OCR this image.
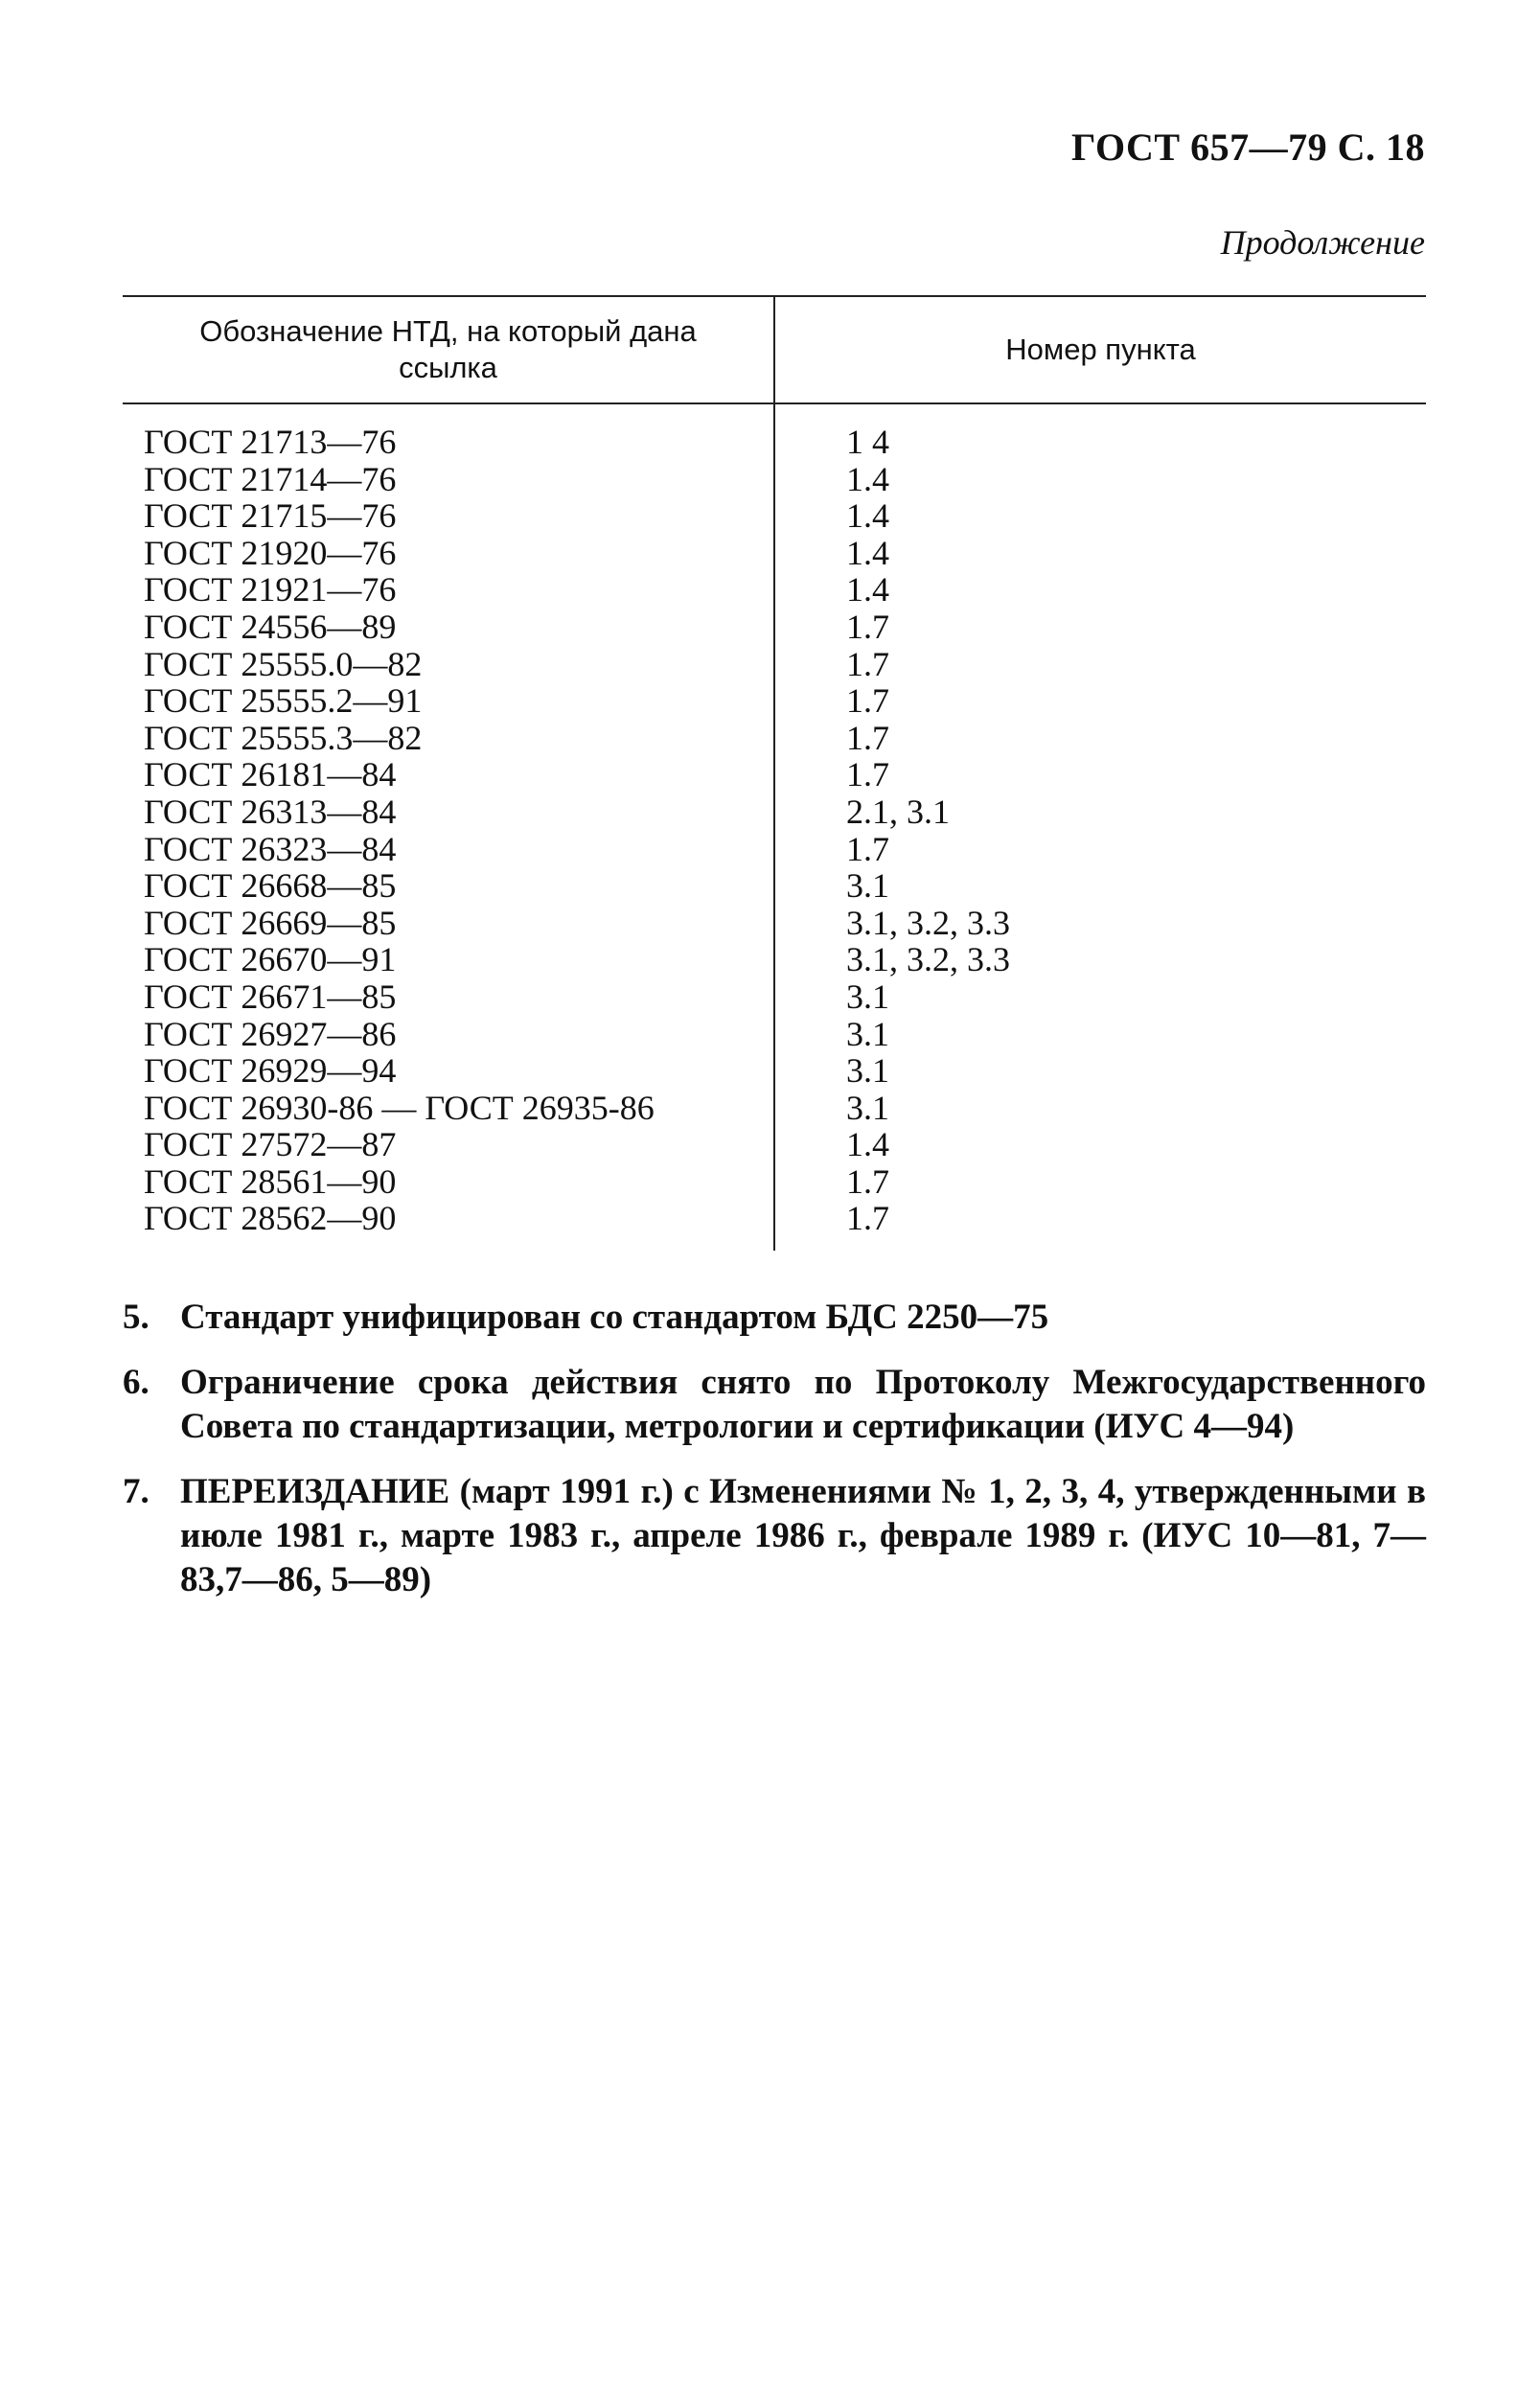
ГОСТ 657—79 С. 18
Продолжение
Обозначение НТД, на который дана ссылка	Номер пункта
ГОСТ 21713—76	1 4
ГОСТ 21714—76	1.4
ГОСТ 21715—76	1.4
ГОСТ 21920—76	1.4
ГОСТ 21921—76	1.4
ГОСТ 24556—89	1.7
ГОСТ 25555.0—82	1.7
ГОСТ 25555.2—91	1.7
ГОСТ 25555.3—82	1.7
ГОСТ 26181—84	1.7
ГОСТ 26313—84	2.1, 3.1
ГОСТ 26323—84	1.7
ГОСТ 26668—85	3.1
ГОСТ 26669—85	3.1, 3.2, 3.3
ГОСТ 26670—91	3.1, 3.2, 3.3
ГОСТ 26671—85	3.1
ГОСТ 26927—86	3.1
ГОСТ 26929—94	3.1
ГОСТ 26930-86 — ГОСТ 26935-86	3.1
ГОСТ 27572—87	1.4
ГОСТ 28561—90	1.7
ГОСТ 28562—90	1.7
5. Стандарт унифицирован со стандартом БДС 2250—75
6. Ограничение срока действия снято по Протоколу Межгосударственного Совета по стандартизации, метрологии и сертификации (ИУС 4—94)
7. ПЕРЕИЗДАНИЕ (март 1991 г.) с Изменениями № 1, 2, 3, 4, утвержденными в июле 1981 г., марте 1983 г., апреле 1986 г., феврале 1989 г. (ИУС 10—81, 7—83,7—86, 5—89)
